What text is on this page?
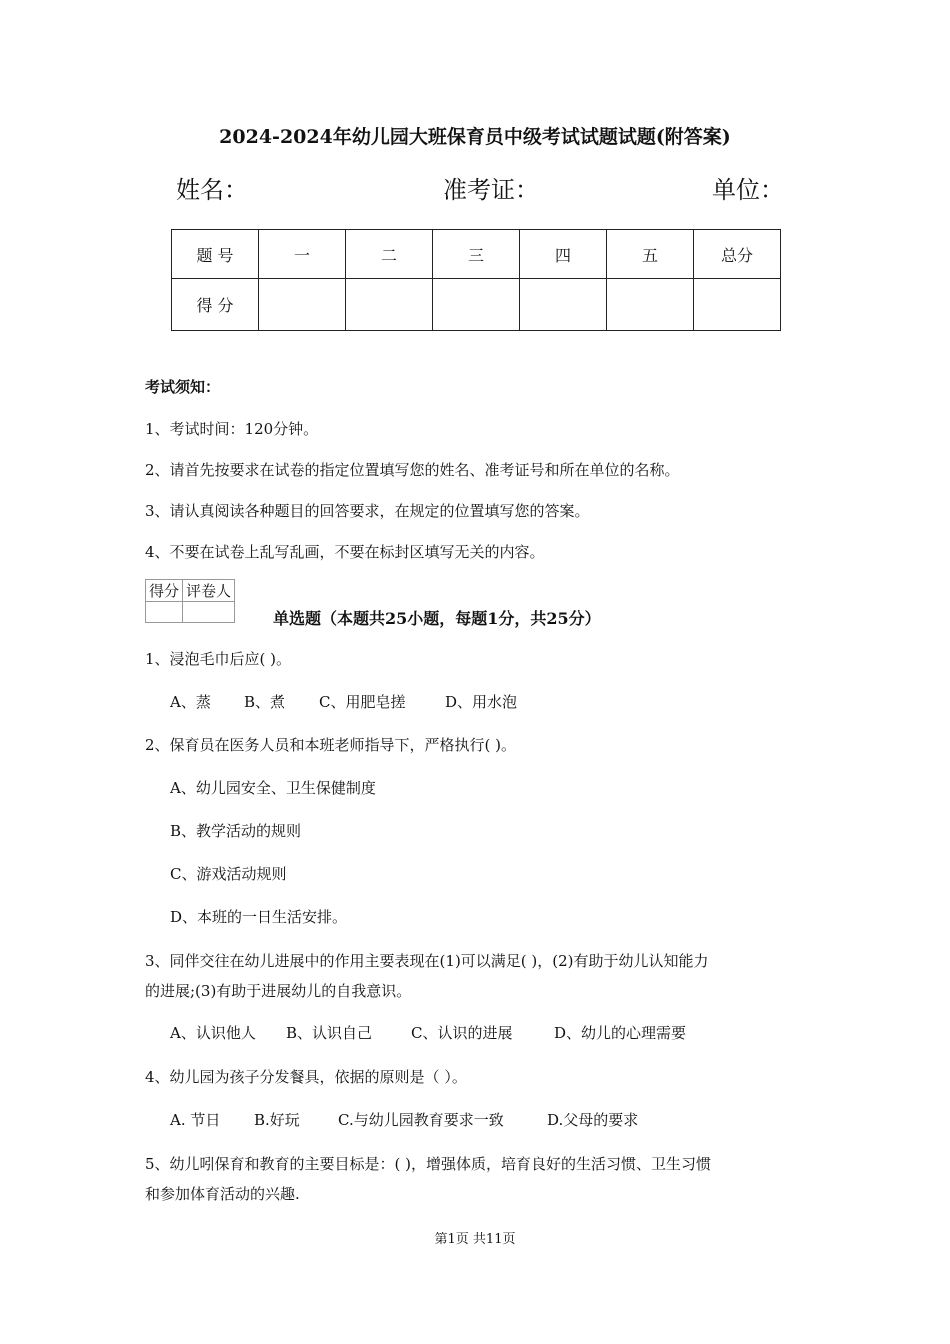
2024-2024年幼儿园大班保育员中级考试试题试题(附答案)
姓名：	准考证：	单位：
题 号	一	二	三	四	五	总分
得 分						
考试须知：
1、考试时间：120分钟。
2、请首先按要求在试卷的指定位置填写您的姓名、准考证号和所在单位的名称。
3、请认真阅读各种题目的回答要求，在规定的位置填写您的答案。
4、不要在试卷上乱写乱画，不要在标封区填写无关的内容。
得分	评卷人

单选题（本题共25小题，每题1分，共25分）
1、浸泡毛巾后应( )。
A、蒸 B、煮 C、用肥皂搓	D、用水泡
2、保育员在医务人员和本班老师指导下，严格执行( )。
A、幼儿园安全、卫生保健制度
B、教学活动的规则
C、游戏活动规则
D、本班的一日生活安排。
3、同伴交往在幼儿进展中的作用主要表现在(1)可以满足( )，(2)有助于幼儿认知能力
的进展;(3)有助于进展幼儿的自我意识。
A、认识他人 B、认识自己	C、认识的进展	D、幼儿的心理需要
4、幼儿园为孩子分发餐具，依据的原则是（ ）。
A. 节日 B.好玩	C.与幼儿园教育要求一致	D.父母的要求
5、幼儿吲保育和教育的主要目标是：( )，增强体质，培育良好的生活习惯、卫生习惯
和参加体育活动的兴趣.
第1页 共11页
